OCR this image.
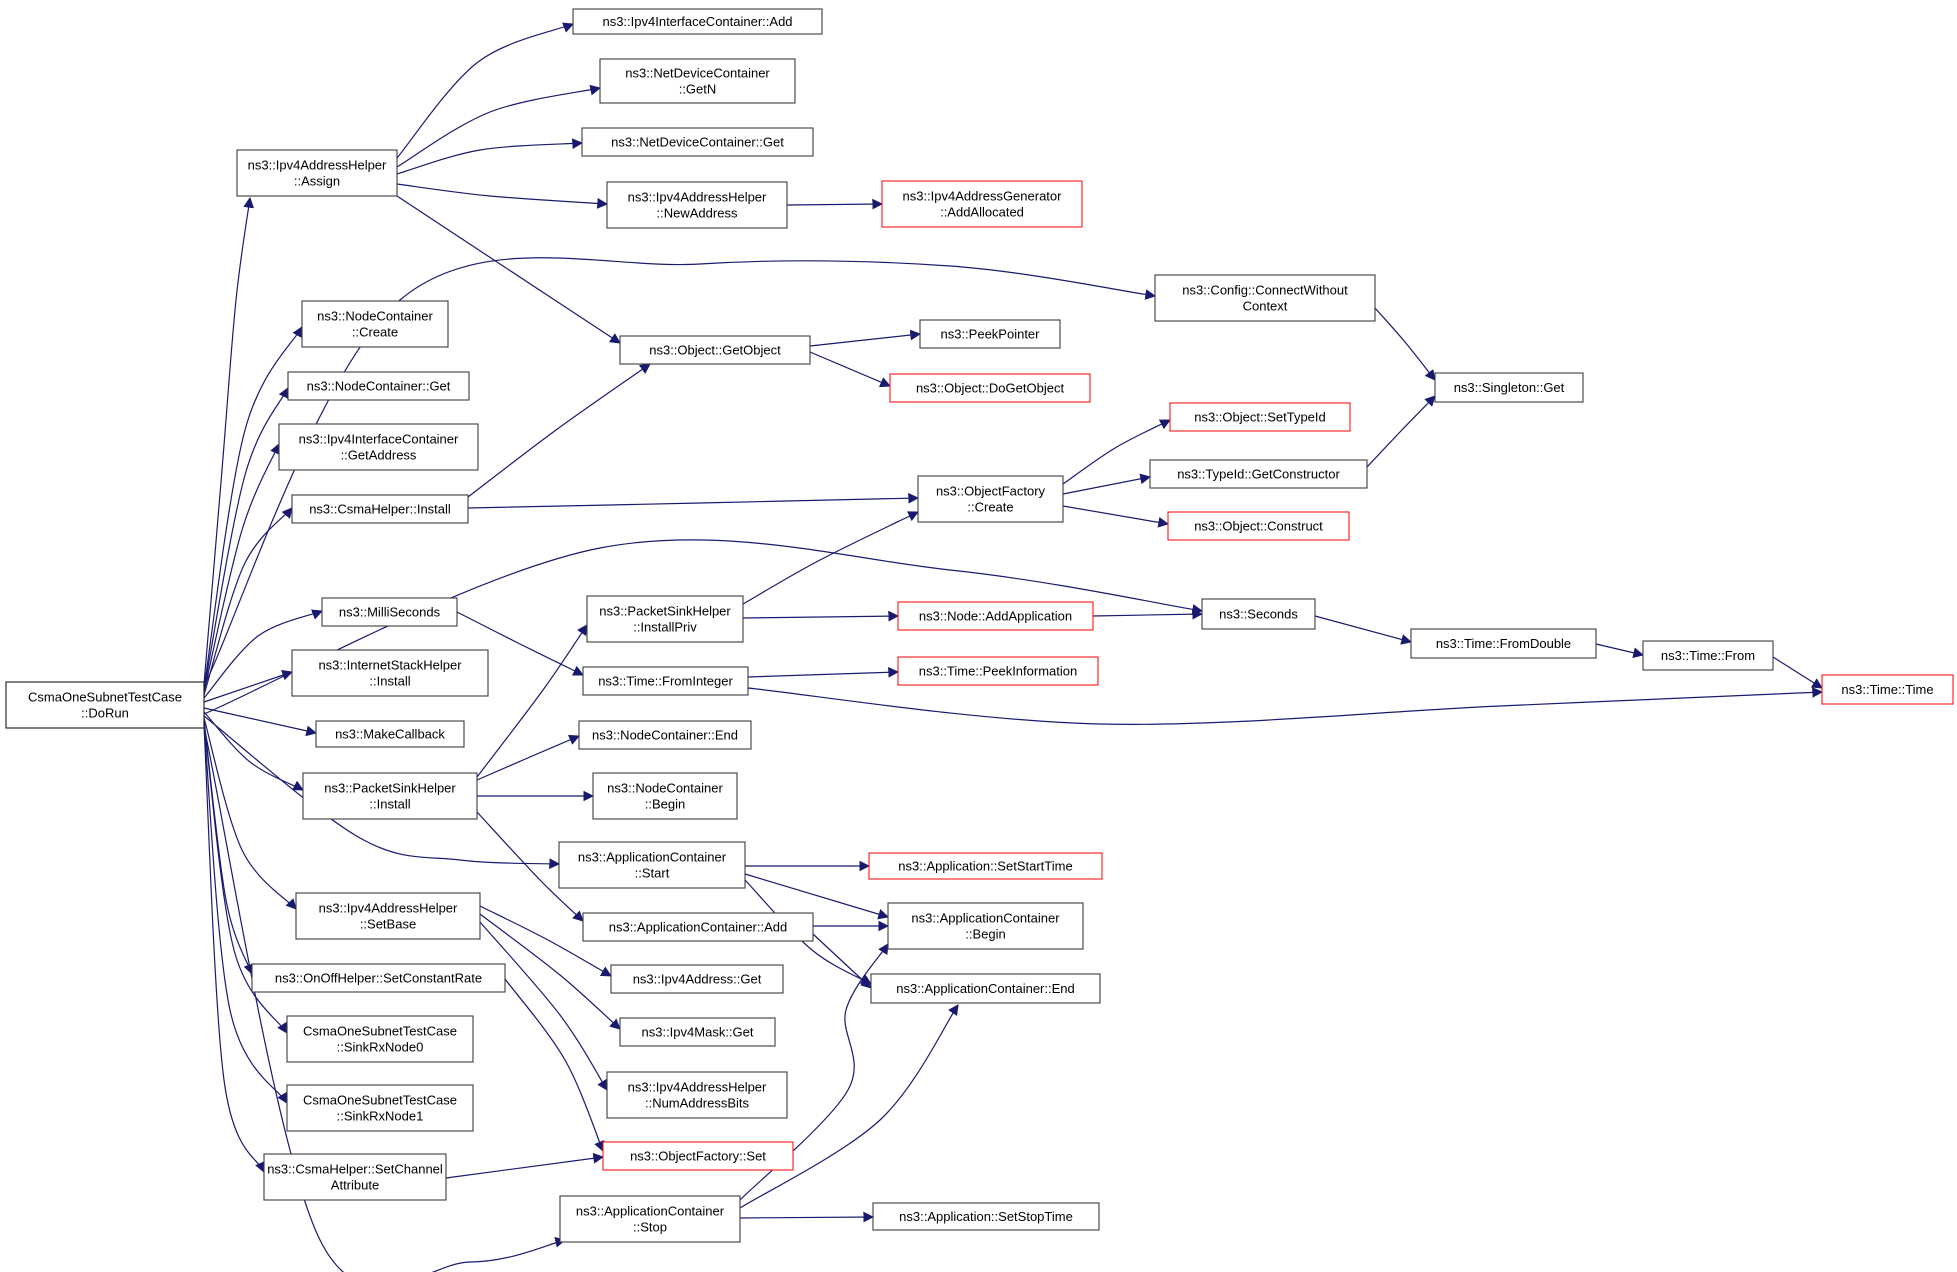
CsmaOneSubnetTestCase
::DoRun
ns3::Ipv4AddressHelper
::Assign
ns3::Ipv4InterfaceContainer::Add
ns3::NetDeviceContainer
::GetN
ns3::NetDeviceContainer::Get
ns3::Ipv4AddressHelper
::NewAddress
ns3::Ipv4AddressGenerator
::AddAllocated
ns3::Config::ConnectWithout
Context
ns3::Singleton::Get
ns3::NodeContainer
::Create
ns3::NodeContainer::Get
ns3::Object::GetObject
ns3::PeekPointer
ns3::Object::DoGetObject
ns3::Ipv4InterfaceContainer
::GetAddress
ns3::CsmaHelper::Install
ns3::ObjectFactory
::Create
ns3::Object::SetTypeId
ns3::TypeId::GetConstructor
ns3::Object::Construct
ns3::MilliSeconds
ns3::InternetStackHelper
::Install
ns3::MakeCallback
ns3::PacketSinkHelper
::Install
ns3::PacketSinkHelper
::InstallPriv
ns3::Time::FromInteger
ns3::NodeContainer::End
ns3::NodeContainer
::Begin
ns3::Node::AddApplication
ns3::Time::PeekInformation
ns3::Seconds
ns3::Time::FromDouble
ns3::Time::From
ns3::Time::Time
ns3::ApplicationContainer
::Start
ns3::ApplicationContainer::Add
ns3::Application::SetStartTime
ns3::ApplicationContainer
::Begin
ns3::ApplicationContainer::End
ns3::Ipv4AddressHelper
::SetBase
ns3::OnOffHelper::SetConstantRate	ns3::Ipv4Address::Get
ns3::Ipv4Mask::Get
ns3::Ipv4AddressHelper
::NumAddressBits
CsmaOneSubnetTestCase
::SinkRxNode0
CsmaOneSubnetTestCase
::SinkRxNode1
ns3::CsmaHelper::SetChannel
Attribute
ns3::ObjectFactory::Set
ns3::ApplicationContainer
::Stop
ns3::Application::SetStopTime
